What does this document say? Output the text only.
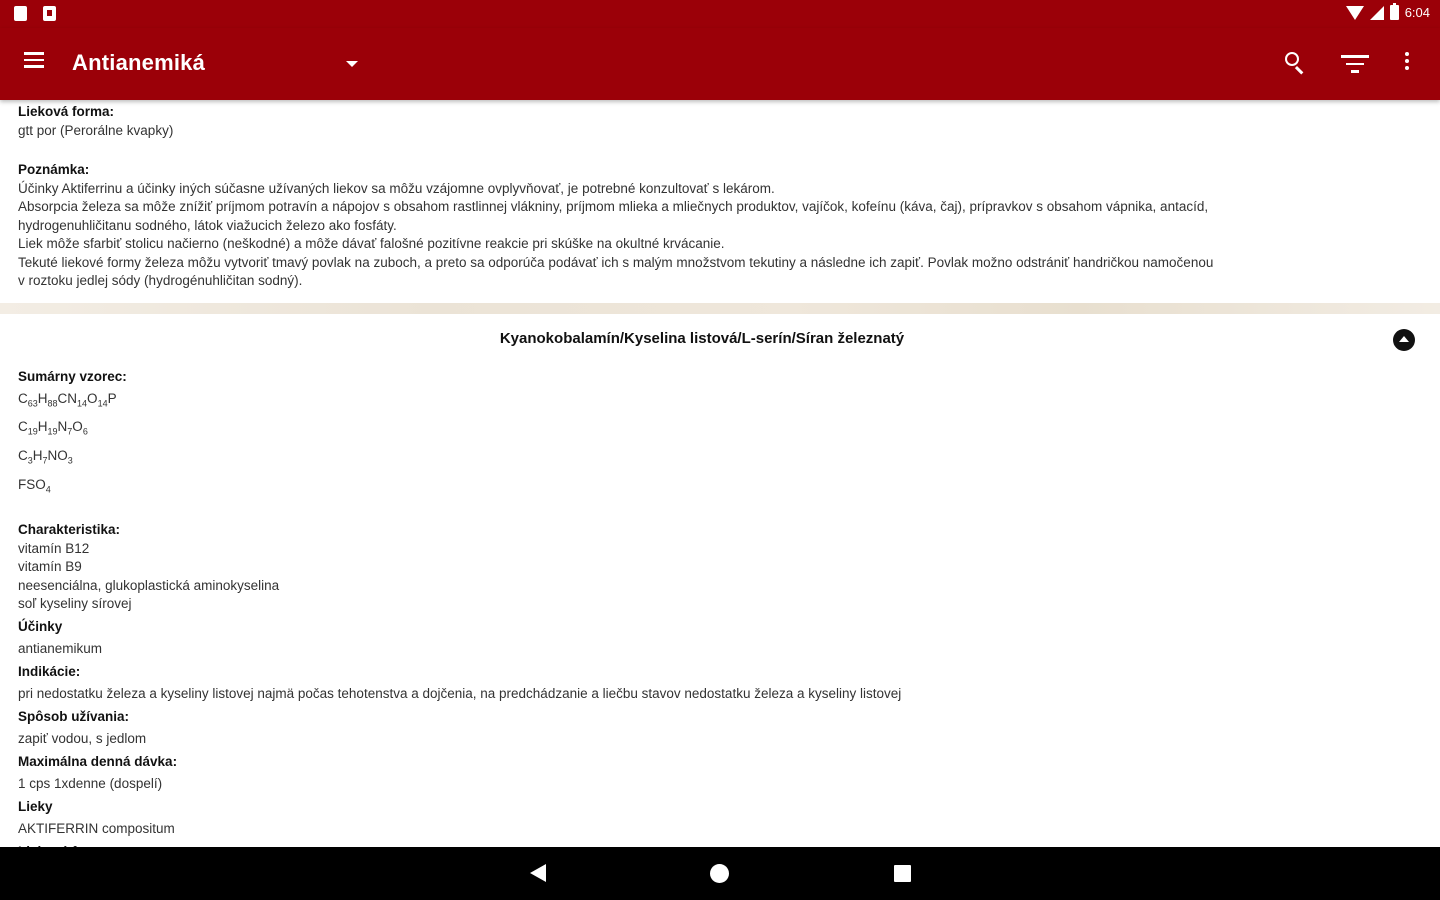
6:04
Antianemiká
Lieková forma:
gtt por (Perorálne kvapky)
Poznámka:
Účinky Aktiferrinu a účinky iných súčasne užívaných liekov sa môžu vzájomne ovplyvňovať, je potrebné konzultovať s lekárom.
Absorpcia železa sa môže znížiť príjmom potravín a nápojov s obsahom rastlinnej vlákniny, príjmom mlieka a mliečnych produktov, vajíčok, kofeínu (káva, čaj), prípravkov s obsahom vápnika, antacíd,
hydrogenuhličitanu sodného, látok viažucich železo ako fosfáty.
Liek môže sfarbiť stolicu načierno (neškodné) a môže dávať falošné pozitívne reakcie pri skúške na okultné krvácanie.
Tekuté liekové formy železa môžu vytvoriť tmavý povlak na zuboch, a preto sa odporúča podávať ich s malým množstvom tekutiny a následne ich zapiť. Povlak možno odstrániť handričkou namočenou
v roztoku jedlej sódy (hydrogénuhličitan sodný).
Kyanokobalamín/Kyselina listová/L-serín/Síran železnatý
Sumárny vzorec:
$C_{63}H_{88}CN_{14}O_{14}P$
$C_{19}H_{19}N_7O_6$
$C_3H_7NO_3$
$FSO_4$
Charakteristika:
vitamín B12
vitamín B9
neesenciálna, glukoplastická aminokyselina
soľ kyseliny sírovej
Účinky
antianemikum
Indikácie:
pri nedostatku železa a kyseliny listovej najmä počas tehotenstva a dojčenia, na predchádzanie a liečbu stavov nedostatku železa a kyseliny listovej
Spôsob užívania:
zapiť vodou, s jedlom
Maximálna denná dávka:
1 cps 1xdenne (dospelí)
Lieky
AKTIFERRIN compositum
